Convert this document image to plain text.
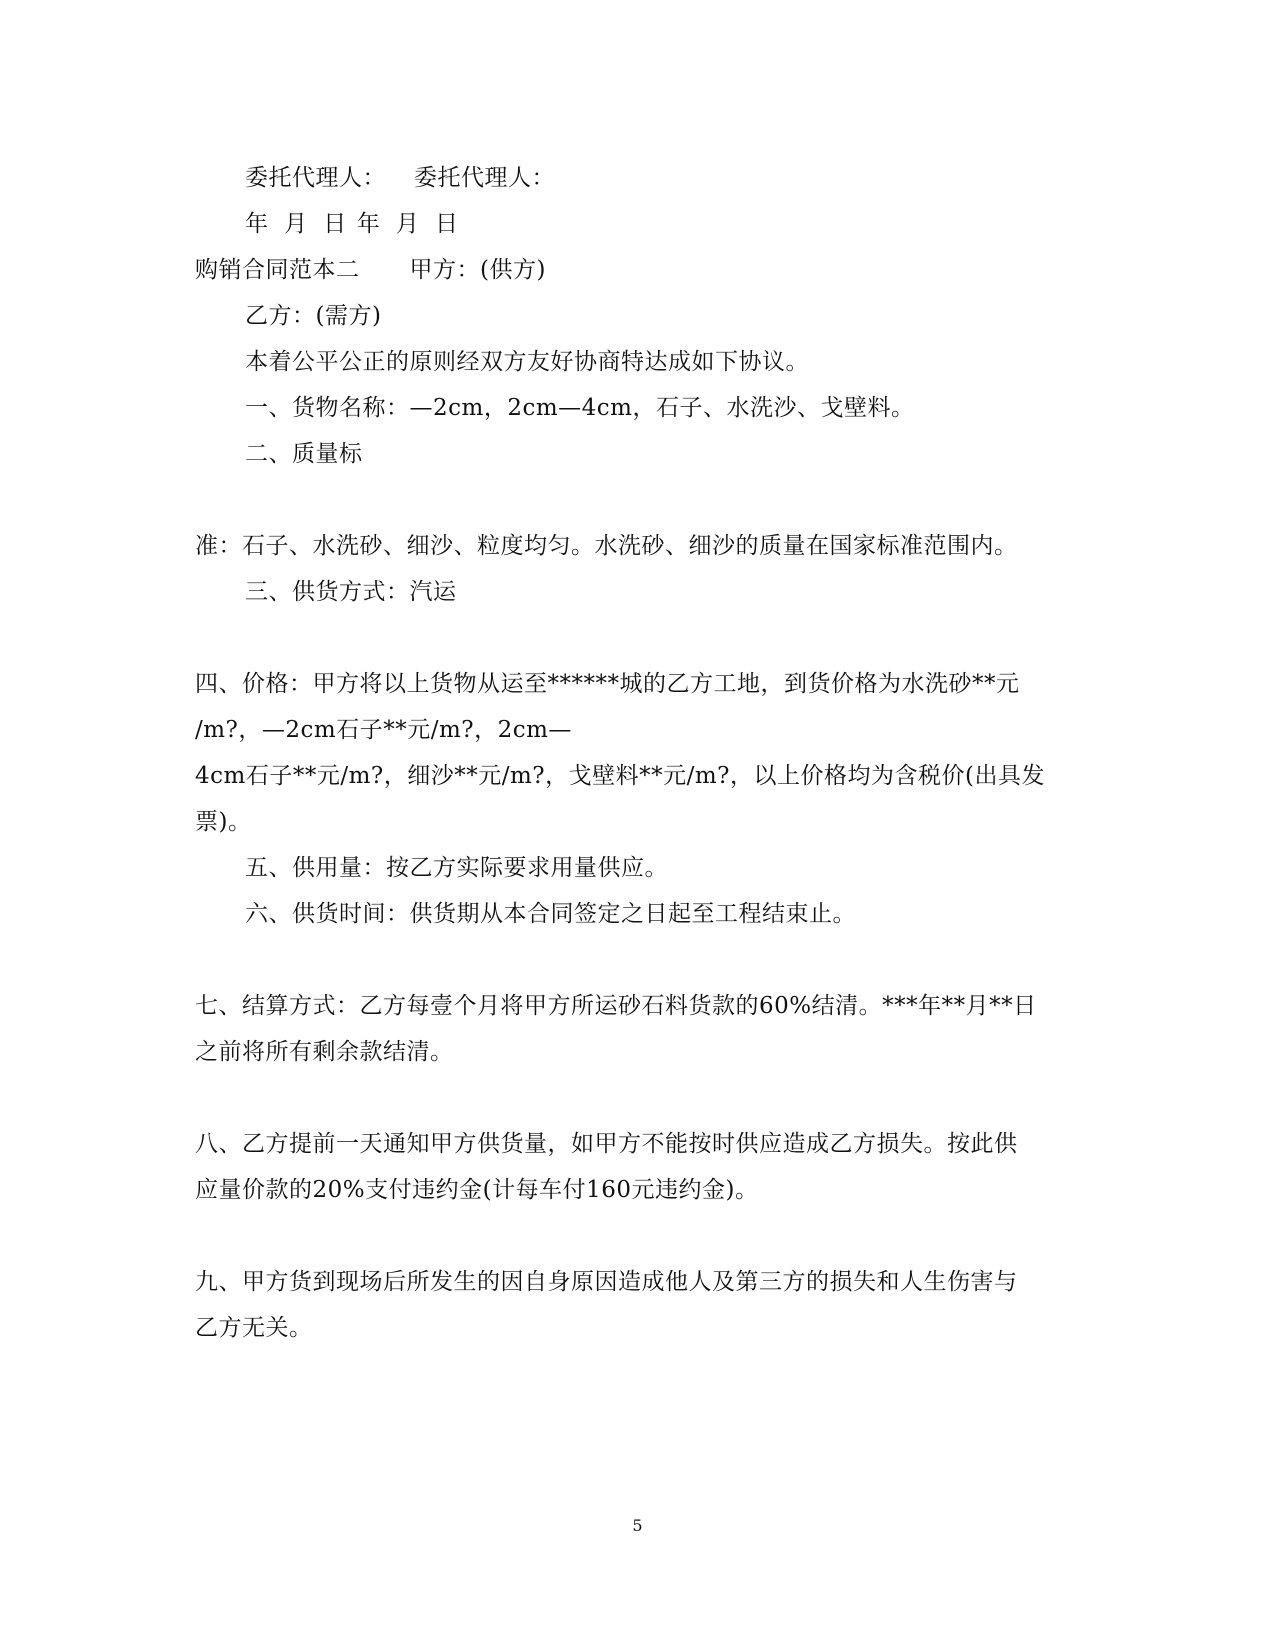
委托代理人： 委托代理人：
年  月  日 年  月  日
购销合同范本二 甲方：(供方)
乙方：(需方)
本着公平公正的原则经双方友好协商特达成如下协议。
一、货物名称：—2cm，2cm—4cm，石子、水洗沙、戈壁料。
二、质量标
准：石子、水洗砂、细沙、粒度均匀。水洗砂、细沙的质量在国家标准范围内。
三、供货方式：汽运
四、价格：甲方将以上货物从运至******城的乙方工地，到货价格为水洗砂**元
/m?，—2cm石子**元/m?，2cm—
4cm石子**元/m?，细沙**元/m?，戈壁料**元/m?，以上价格均为含税价(出具发
票)。
五、供用量：按乙方实际要求用量供应。
六、供货时间：供货期从本合同签定之日起至工程结束止。
七、结算方式：乙方每壹个月将甲方所运砂石料货款的60%结清。***年**月**日
之前将所有剩余款结清。
八、乙方提前一天通知甲方供货量，如甲方不能按时供应造成乙方损失。按此供
应量价款的20%支付违约金(计每车付160元违约金)。
九、甲方货到现场后所发生的因自身原因造成他人及第三方的损失和人生伤害与
乙方无关。
5
